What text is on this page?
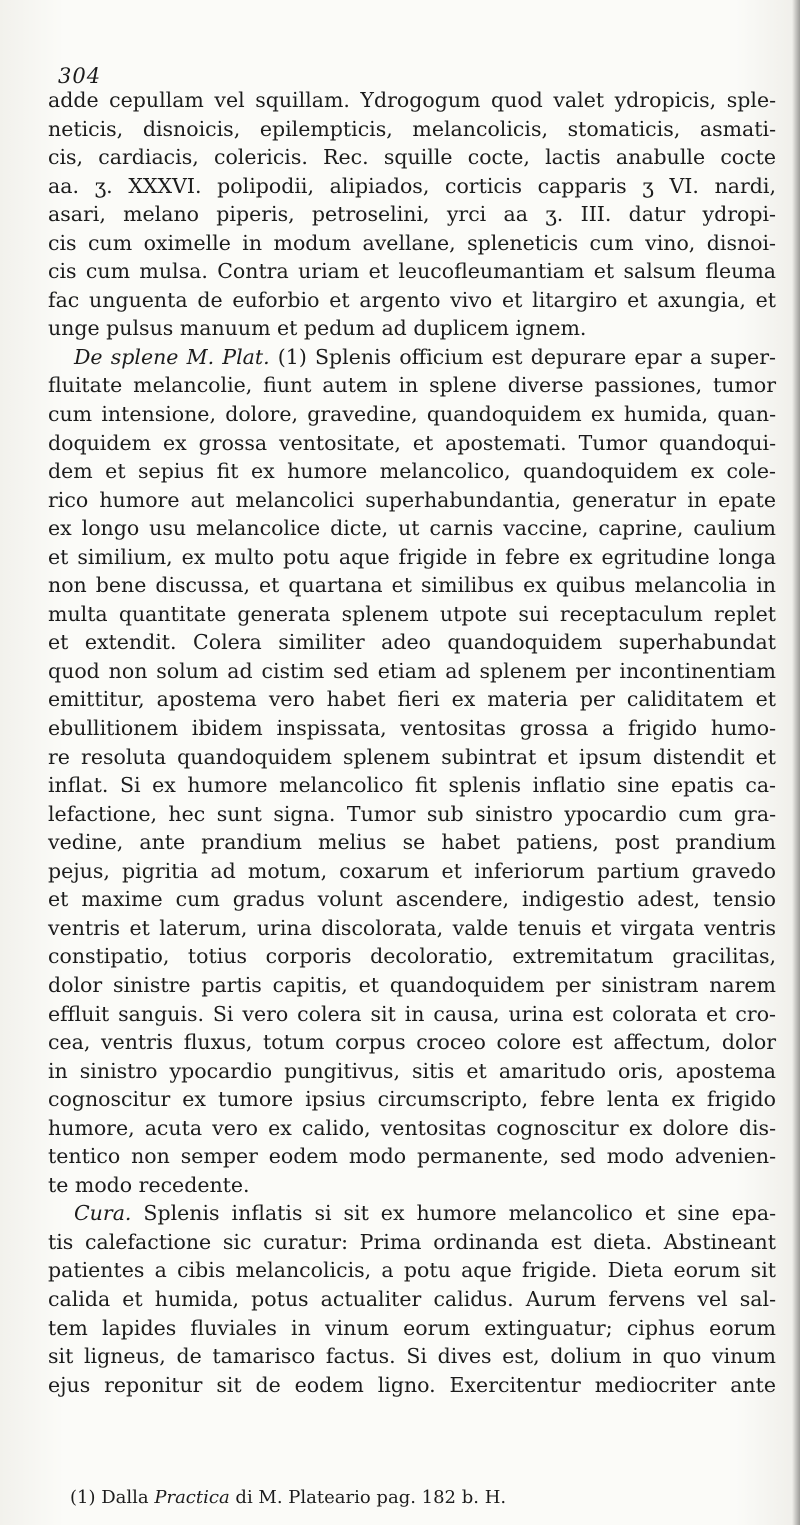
304

adde cepullam vel squillam. Ydrogogum quod valet ydropicis, sple-
neticis, disnoicis, epilempticis, melancolicis, stomaticis, asmati-
cis, cardiacis, colericis. Rec. squille cocte, lactis anabulle cocte
aa. ʒ. XXXVI. polipodii, alipiados, corticis capparis ʒ VI. nardi,
asari, melano piperis, petroselini, yrci aa ʒ. III. datur ydropi-
cis cum oximelle in modum avellane, spleneticis cum vino, disnoi-
cis cum mulsa. Contra uriam et leucofleumantiam et salsum fleuma
fac unguenta de euforbio et argento vivo et litargiro et axungia, et
unge pulsus manuum et pedum ad duplicem ignem.
De splene M. Plat. (1) Splenis officium est depurare epar a super-
fluitate melancolie, fiunt autem in splene diverse passiones, tumor
cum intensione, dolore, gravedine, quandoquidem ex humida, quan-
doquidem ex grossa ventositate, et apostemati. Tumor quandoqui-
dem et sepius fit ex humore melancolico, quandoquidem ex cole-
rico humore aut melancolici superhabundantia, generatur in epate
ex longo usu melancolice dicte, ut carnis vaccine, caprine, caulium
et similium, ex multo potu aque frigide in febre ex egritudine longa
non bene discussa, et quartana et similibus ex quibus melancolia in
multa quantitate generata splenem utpote sui receptaculum replet
et extendit. Colera similiter adeo quandoquidem superhabundat
quod non solum ad cistim sed etiam ad splenem per incontinentiam
emittitur, apostema vero habet fieri ex materia per caliditatem et
ebullitionem ibidem inspissata, ventositas grossa a frigido humo-
re resoluta quandoquidem splenem subintrat et ipsum distendit et
inflat. Si ex humore melancolico fit splenis inflatio sine epatis ca-
lefactione, hec sunt signa. Tumor sub sinistro ypocardio cum gra-
vedine, ante prandium melius se habet patiens, post prandium
pejus, pigritia ad motum, coxarum et inferiorum partium gravedo
et maxime cum gradus volunt ascendere, indigestio adest, tensio
ventris et laterum, urina discolorata, valde tenuis et virgata ventris
constipatio, totius corporis decoloratio, extremitatum gracilitas,
dolor sinistre partis capitis, et quandoquidem per sinistram narem
effluit sanguis. Si vero colera sit in causa, urina est colorata et cro-
cea, ventris fluxus, totum corpus croceo colore est affectum, dolor
in sinistro ypocardio pungitivus, sitis et amaritudo oris, apostema
cognoscitur ex tumore ipsius circumscripto, febre lenta ex frigido
humore, acuta vero ex calido, ventositas cognoscitur ex dolore dis-
tentico non semper eodem modo permanente, sed modo advenien-
te modo recedente.
Cura. Splenis inflatis si sit ex humore melancolico et sine epa-
tis calefactione sic curatur: Prima ordinanda est dieta. Abstineant
patientes a cibis melancolicis, a potu aque frigide. Dieta eorum sit
calida et humida, potus actualiter calidus. Aurum fervens vel sal-
tem lapides fluviales in vinum eorum extinguatur; ciphus eorum
sit ligneus, de tamarisco factus. Si dives est, dolium in quo vinum
ejus reponitur sit de eodem ligno. Exercitentur mediocriter ante
(1) Dalla Practica di M. Plateario pag. 182 b. H.
